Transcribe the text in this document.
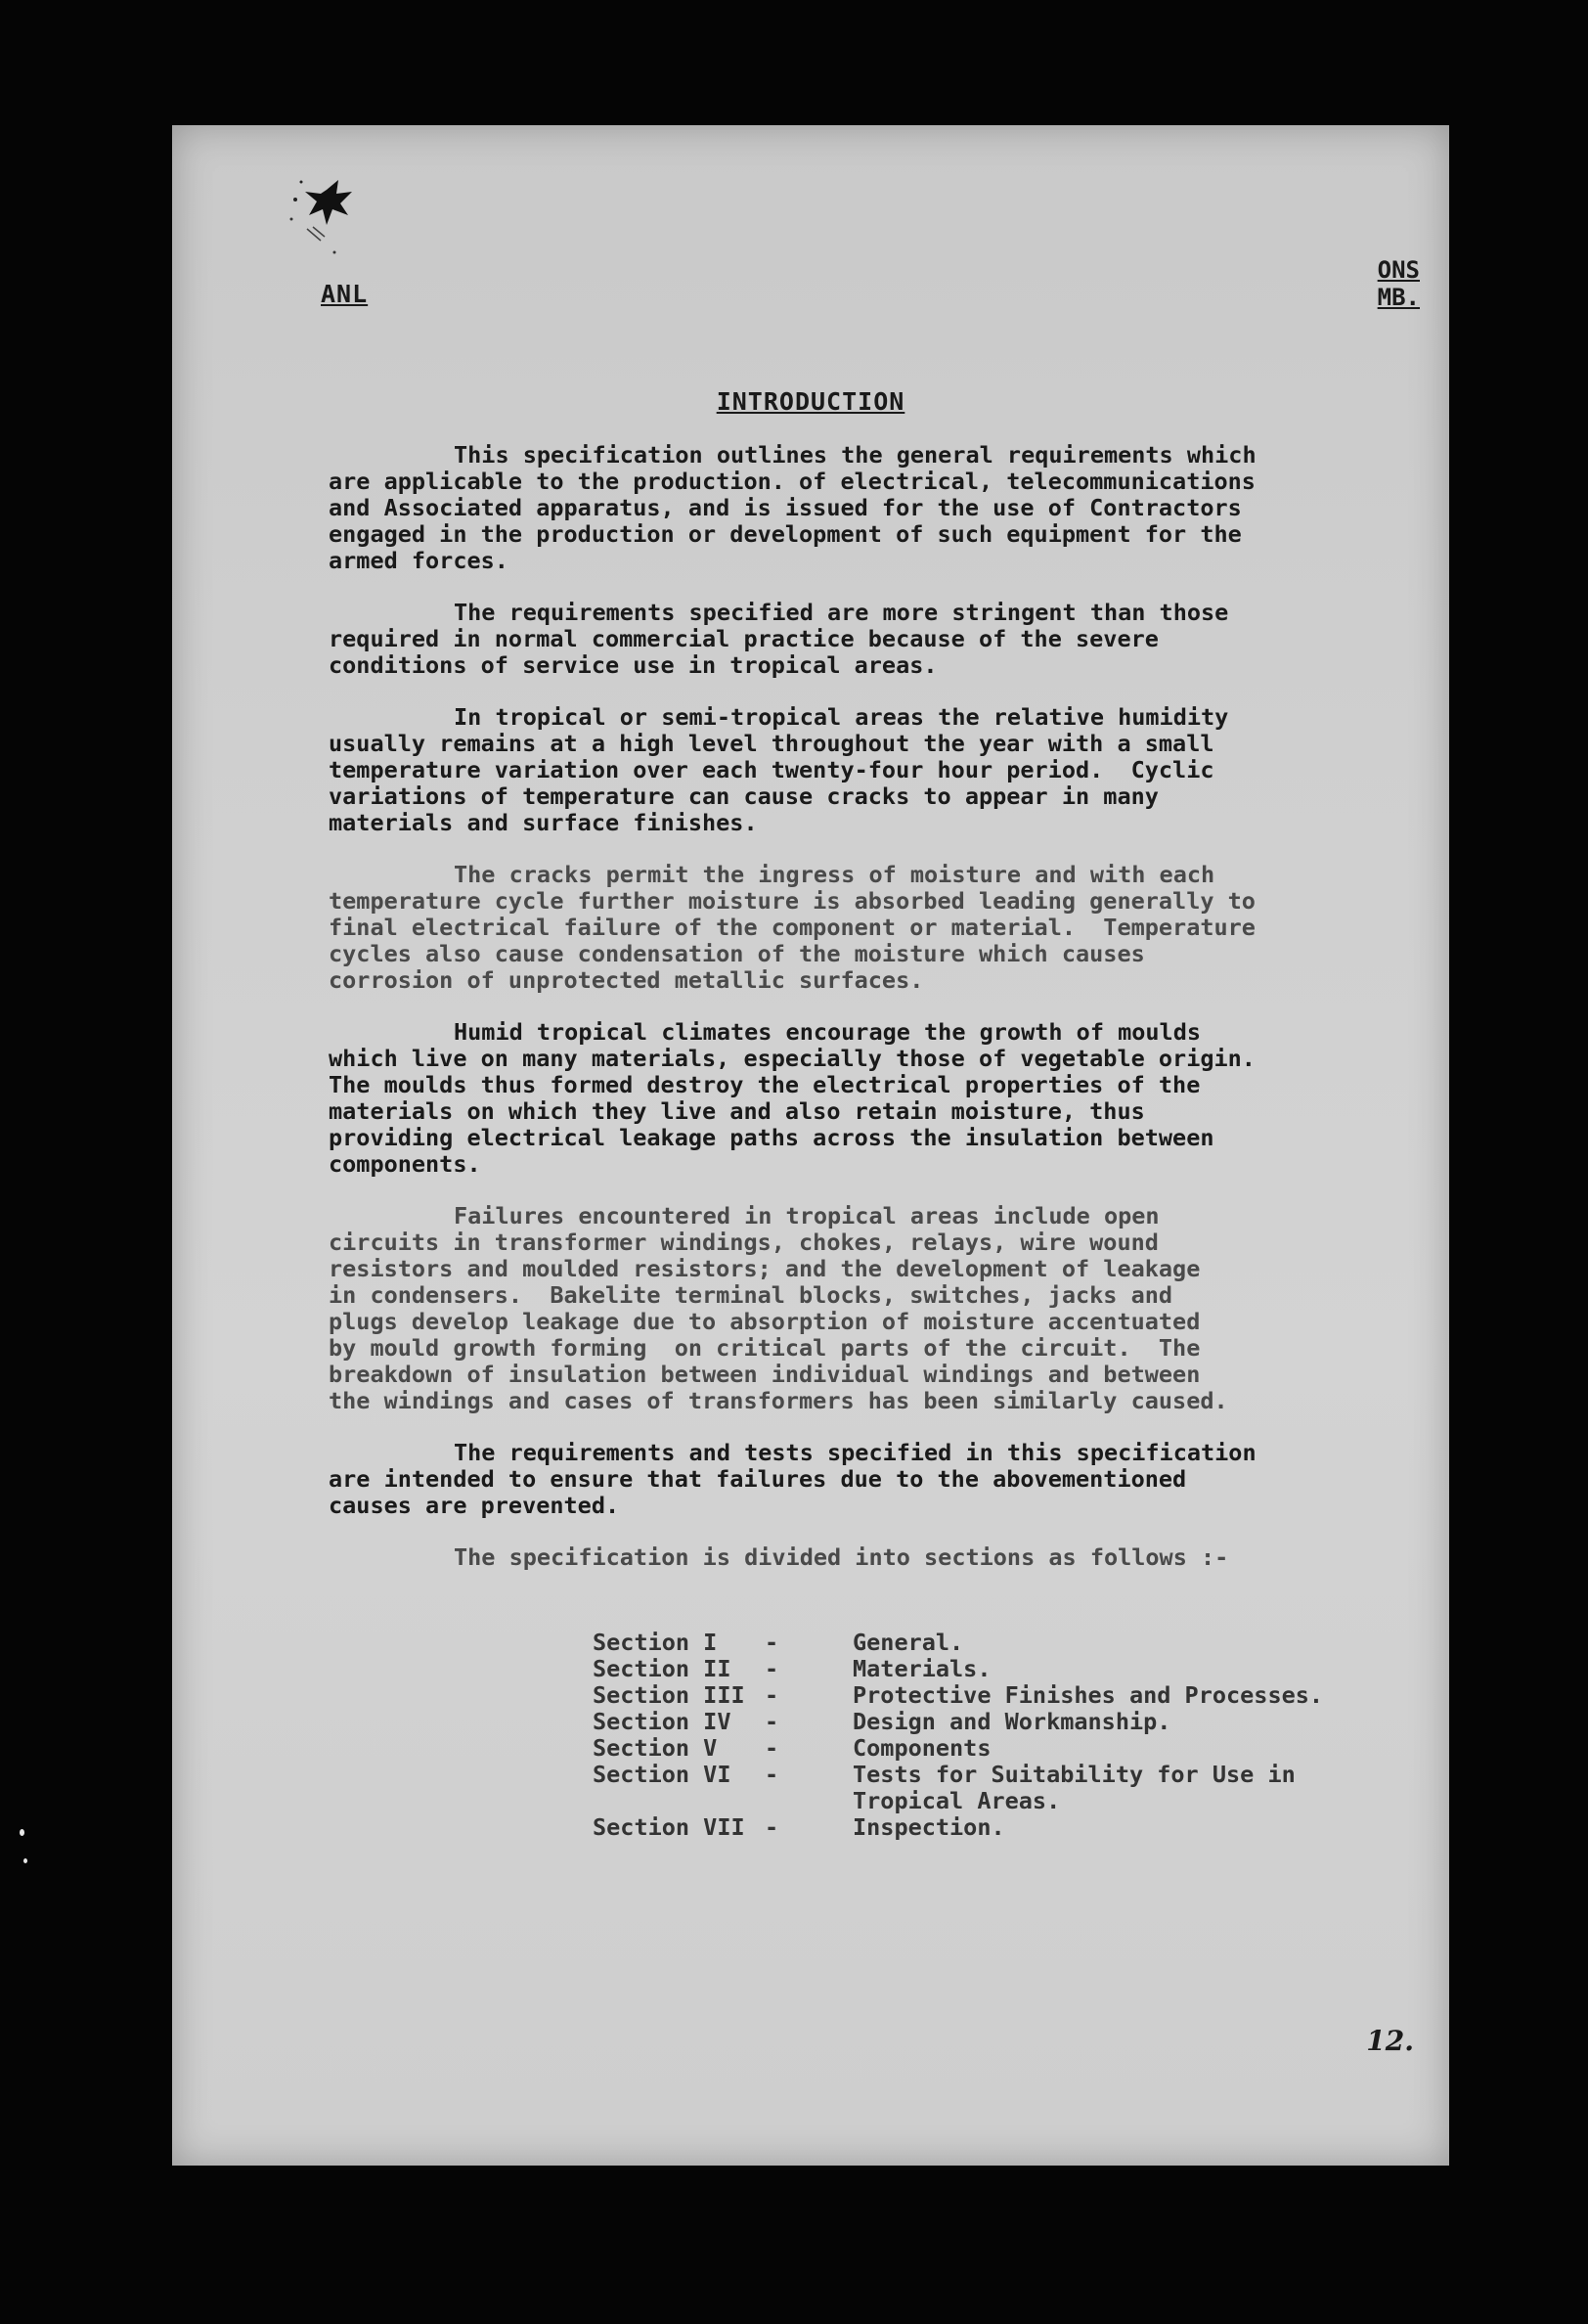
ANL
ONS
MB.
INTRODUCTION
This specification outlines the general requirements which
are applicable to the production. of electrical, telecommunications
and Associated apparatus, and is issued for the use of Contractors
engaged in the production or development of such equipment for the
armed forces.
The requirements specified are more stringent than those
required in normal commercial practice because of the severe
conditions of service use in tropical areas.
In tropical or semi-tropical areas the relative humidity
usually remains at a high level throughout the year with a small
temperature variation over each twenty-four hour period.  Cyclic
variations of temperature can cause cracks to appear in many
materials and surface finishes.
The cracks permit the ingress of moisture and with each
temperature cycle further moisture is absorbed leading generally to
final electrical failure of the component or material.  Temperature
cycles also cause condensation of the moisture which causes
corrosion of unprotected metallic surfaces.
Humid tropical climates encourage the growth of moulds
which live on many materials, especially those of vegetable origin.
The moulds thus formed destroy the electrical properties of the
materials on which they live and also retain moisture, thus
providing electrical leakage paths across the insulation between
components.
Failures encountered in tropical areas include open
circuits in transformer windings, chokes, relays, wire wound
resistors and moulded resistors; and the development of leakage
in condensers.  Bakelite terminal blocks, switches, jacks and
plugs develop leakage due to absorption of moisture accentuated
by mould growth forming  on critical parts of the circuit.  The
breakdown of insulation between individual windings and between
the windings and cases of transformers has been similarly caused.
The requirements and tests specified in this specification
are intended to ensure that failures due to the abovementioned
causes are prevented.
The specification is divided into sections as follows :-
Section I	-	General.
Section II	-	Materials.
Section III -	Protective Finishes and Processes.
Section IV	-	Design and Workmanship.
Section V	-	Components
Section VI	-	Tests for Suitability for Use in
Tropical Areas.
Section VII -	Inspection.
12.
